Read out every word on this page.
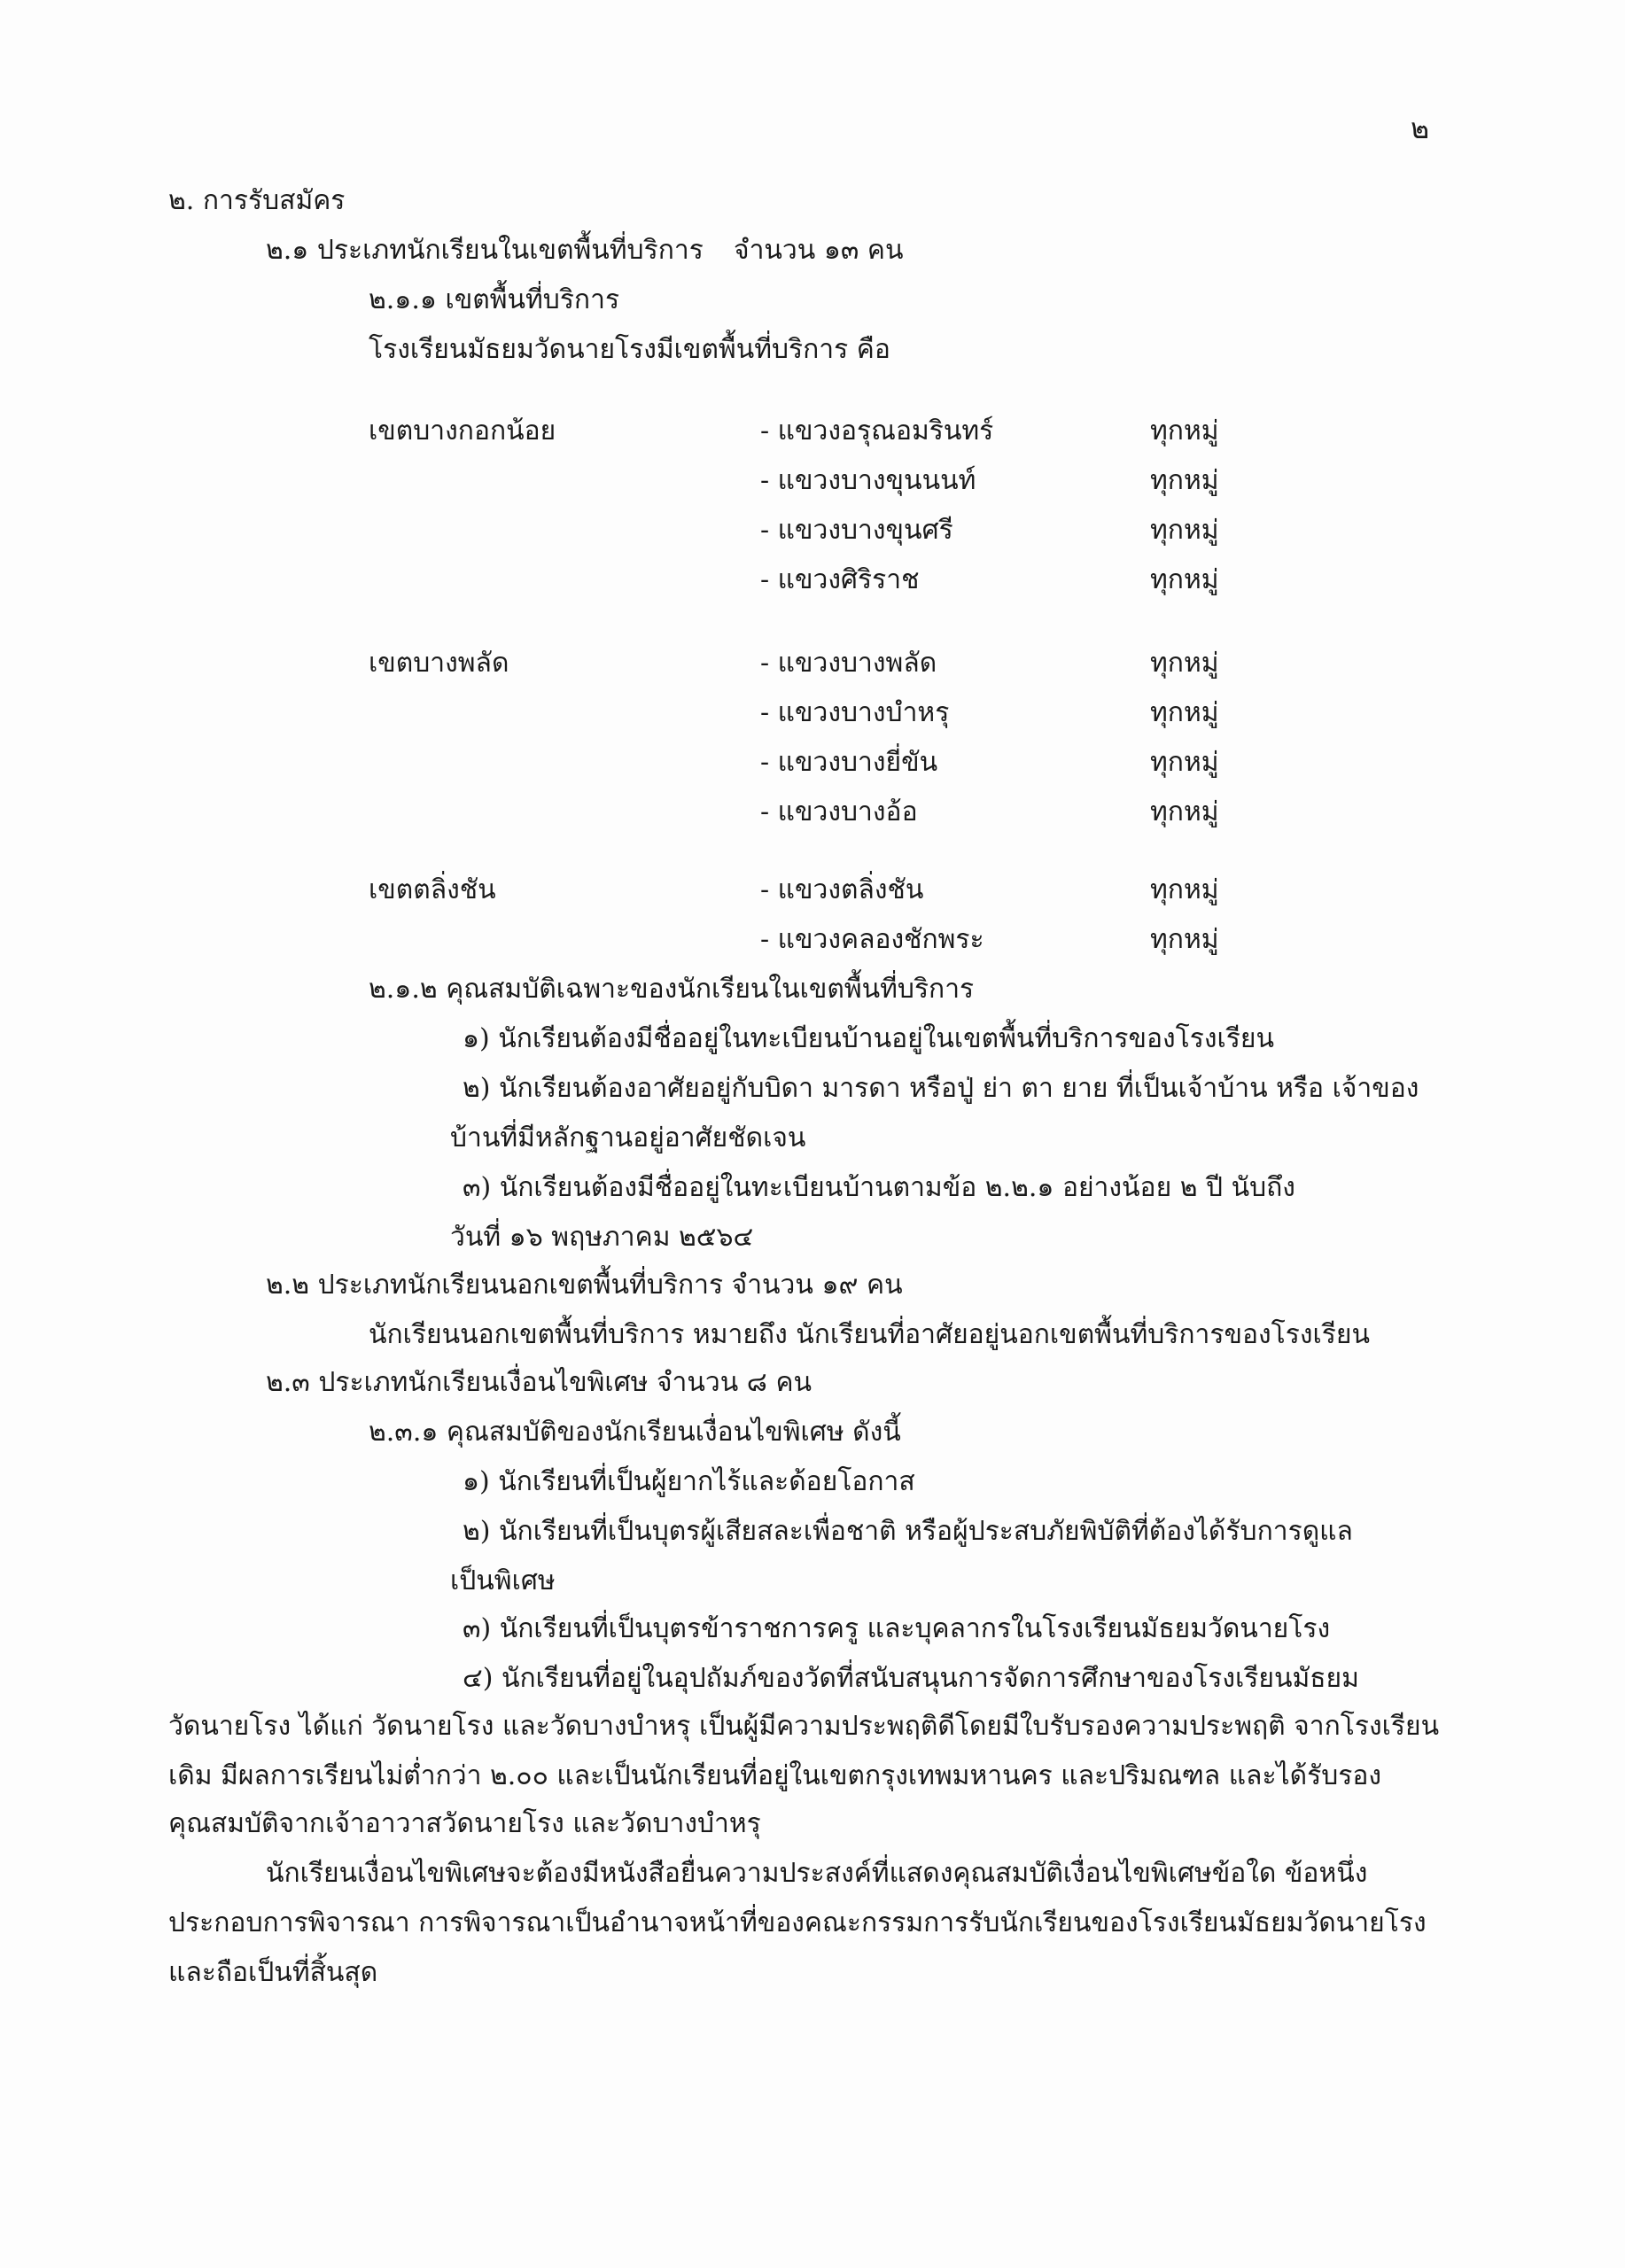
๒
๒. การรับสมัคร
๒.๑ ประเภทนักเรียนในเขตพื้นที่บริการ จำนวน ๑๓ คน
๒.๑.๑ เขตพื้นที่บริการ
โรงเรียนมัธยมวัดนายโรงมีเขตพื้นที่บริการ คือ
เขตบางกอกน้อย	- แขวงอรุณอมรินทร์	ทุกหมู่
- แขวงบางขุนนนท์	ทุกหมู่
- แขวงบางขุนศรี	ทุกหมู่
- แขวงศิริราช	ทุกหมู่
เขตบางพลัด	- แขวงบางพลัด	ทุกหมู่
- แขวงบางบำหรุ	ทุกหมู่
- แขวงบางยี่ขัน	ทุกหมู่
- แขวงบางอ้อ	ทุกหมู่
เขตตลิ่งชัน	- แขวงตลิ่งชัน	ทุกหมู่
- แขวงคลองชักพระ	ทุกหมู่
๒.๑.๒ คุณสมบัติเฉพาะของนักเรียนในเขตพื้นที่บริการ
๑) นักเรียนต้องมีชื่ออยู่ในทะเบียนบ้านอยู่ในเขตพื้นที่บริการของโรงเรียน
๒) นักเรียนต้องอาศัยอยู่กับบิดา มารดา หรือปู่ ย่า ตา ยาย ที่เป็นเจ้าบ้าน หรือ เจ้าของ
บ้านที่มีหลักฐานอยู่อาศัยชัดเจน
๓) นักเรียนต้องมีชื่ออยู่ในทะเบียนบ้านตามข้อ ๒.๒.๑ อย่างน้อย ๒ ปี นับถึง
วันที่ ๑๖ พฤษภาคม ๒๕๖๔
๒.๒ ประเภทนักเรียนนอกเขตพื้นที่บริการ จำนวน ๑๙ คน
นักเรียนนอกเขตพื้นที่บริการ หมายถึง นักเรียนที่อาศัยอยู่นอกเขตพื้นที่บริการของโรงเรียน
๒.๓ ประเภทนักเรียนเงื่อนไขพิเศษ จำนวน ๘ คน
๒.๓.๑ คุณสมบัติของนักเรียนเงื่อนไขพิเศษ ดังนี้
๑) นักเรียนที่เป็นผู้ยากไร้และด้อยโอกาส
๒) นักเรียนที่เป็นบุตรผู้เสียสละเพื่อชาติ หรือผู้ประสบภัยพิบัติที่ต้องได้รับการดูแล
เป็นพิเศษ
๓) นักเรียนที่เป็นบุตรข้าราชการครู และบุคลากรในโรงเรียนมัธยมวัดนายโรง
๔) นักเรียนที่อยู่ในอุปถัมภ์ของวัดที่สนับสนุนการจัดการศึกษาของโรงเรียนมัธยม
วัดนายโรง ได้แก่ วัดนายโรง และวัดบางบำหรุ เป็นผู้มีความประพฤติดีโดยมีใบรับรองความประพฤติ จากโรงเรียน
เดิม มีผลการเรียนไม่ต่ำกว่า ๒.๐๐ และเป็นนักเรียนที่อยู่ในเขตกรุงเทพมหานคร และปริมณฑล และได้รับรอง
คุณสมบัติจากเจ้าอาวาสวัดนายโรง และวัดบางบำหรุ
นักเรียนเงื่อนไขพิเศษจะต้องมีหนังสือยื่นความประสงค์ที่แสดงคุณสมบัติเงื่อนไขพิเศษข้อใด ข้อหนึ่ง
ประกอบการพิจารณา การพิจารณาเป็นอำนาจหน้าที่ของคณะกรรมการรับนักเรียนของโรงเรียนมัธยมวัดนายโรง
และถือเป็นที่สิ้นสุด
